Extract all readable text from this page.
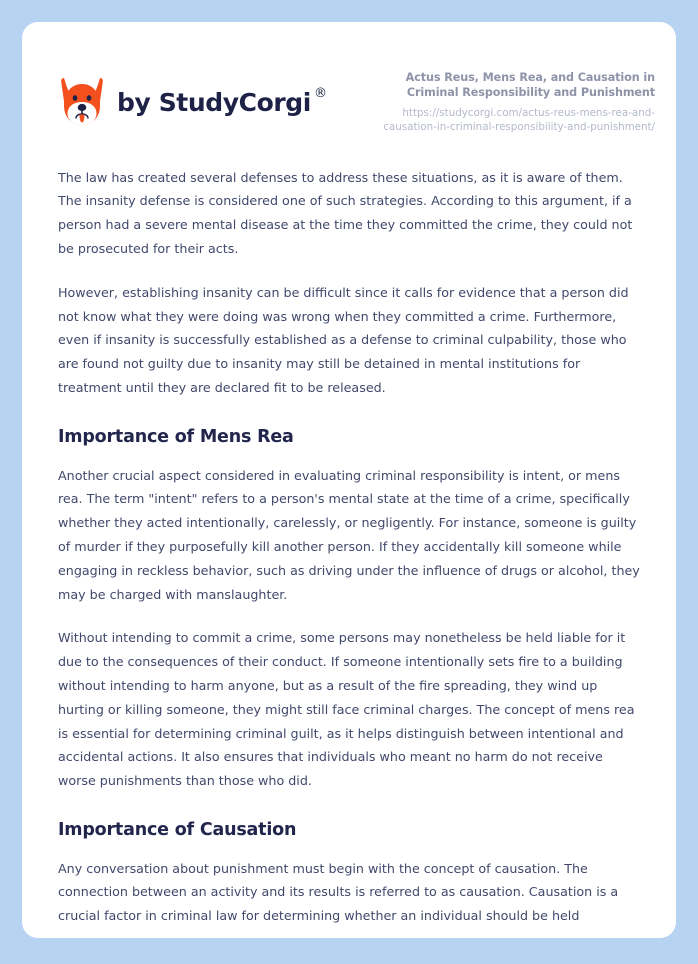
by StudyCorgi ®
Actus Reus, Mens Rea, and Causation in Criminal Responsibility and Punishment
https://studycorgi.com/actus-reus-mens-rea-and-causation-in-criminal-responsibility-and-punishment/

The law has created several defenses to address these situations, as it is aware of them. The insanity defense is considered one of such strategies. According to this argument, if a person had a severe mental disease at the time they committed the crime, they could not be prosecuted for their acts.

However, establishing insanity can be difficult since it calls for evidence that a person did not know what they were doing was wrong when they committed a crime. Furthermore, even if insanity is successfully established as a defense to criminal culpability, those who are found not guilty due to insanity may still be detained in mental institutions for treatment until they are declared fit to be released.

Importance of Mens Rea

Another crucial aspect considered in evaluating criminal responsibility is intent, or mens rea. The term "intent" refers to a person's mental state at the time of a crime, specifically whether they acted intentionally, carelessly, or negligently. For instance, someone is guilty of murder if they purposefully kill another person. If they accidentally kill someone while engaging in reckless behavior, such as driving under the influence of drugs or alcohol, they may be charged with manslaughter.

Without intending to commit a crime, some persons may nonetheless be held liable for it due to the consequences of their conduct. If someone intentionally sets fire to a building without intending to harm anyone, but as a result of the fire spreading, they wind up hurting or killing someone, they might still face criminal charges. The concept of mens rea is essential for determining criminal guilt, as it helps distinguish between intentional and accidental actions. It also ensures that individuals who meant no harm do not receive worse punishments than those who did.

Importance of Causation

Any conversation about punishment must begin with the concept of causation. The connection between an activity and its results is referred to as causation. Causation is a crucial factor in criminal law for determining whether an individual should be held
